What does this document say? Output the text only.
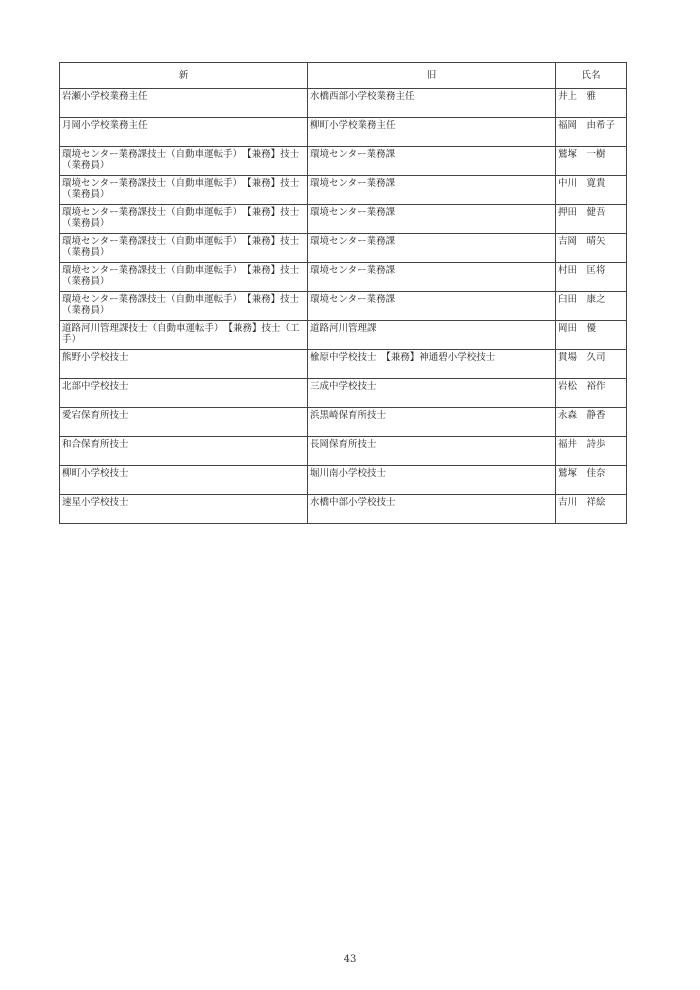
新	旧	氏名
岩瀬小学校業務主任	水橋西部小学校業務主任	井上　雅
月岡小学校業務主任	柳町小学校業務主任	福岡　由希子
環境センター業務課技士（自動車運転手）　【兼務】技士（業務員）	環境センター業務課	鷲塚　一樹
環境センター業務課技士（自動車運転手）　【兼務】技士（業務員）	環境センター業務課	中川　寛貴
環境センター業務課技士（自動車運転手）　【兼務】技士（業務員）	環境センター業務課	押田　健吾
環境センター業務課技士（自動車運転手）　【兼務】技士（業務員）	環境センター業務課	吉岡　晴矢
環境センター業務課技士（自動車運転手）　【兼務】技士（業務員）	環境センター業務課	村田　匡将
環境センター業務課技士（自動車運転手）　【兼務】技士（業務員）	環境センター業務課	臼田　康之
道路河川管理課技士（自動車運転手）　【兼務】技士（工手）	道路河川管理課	岡田　優
熊野小学校技士	楡原中学校技士　【兼務】神通碧小学校技士	貫場　久司
北部中学校技士	三成中学校技士	岩松　裕作
愛宕保育所技士	浜黒崎保育所技士	永森　静香
和合保育所技士	長岡保育所技士	福井　詩歩
柳町小学校技士	堀川南小学校技士	鷲塚　佳奈
速星小学校技士	水橋中部小学校技士	吉川　祥絵
43
